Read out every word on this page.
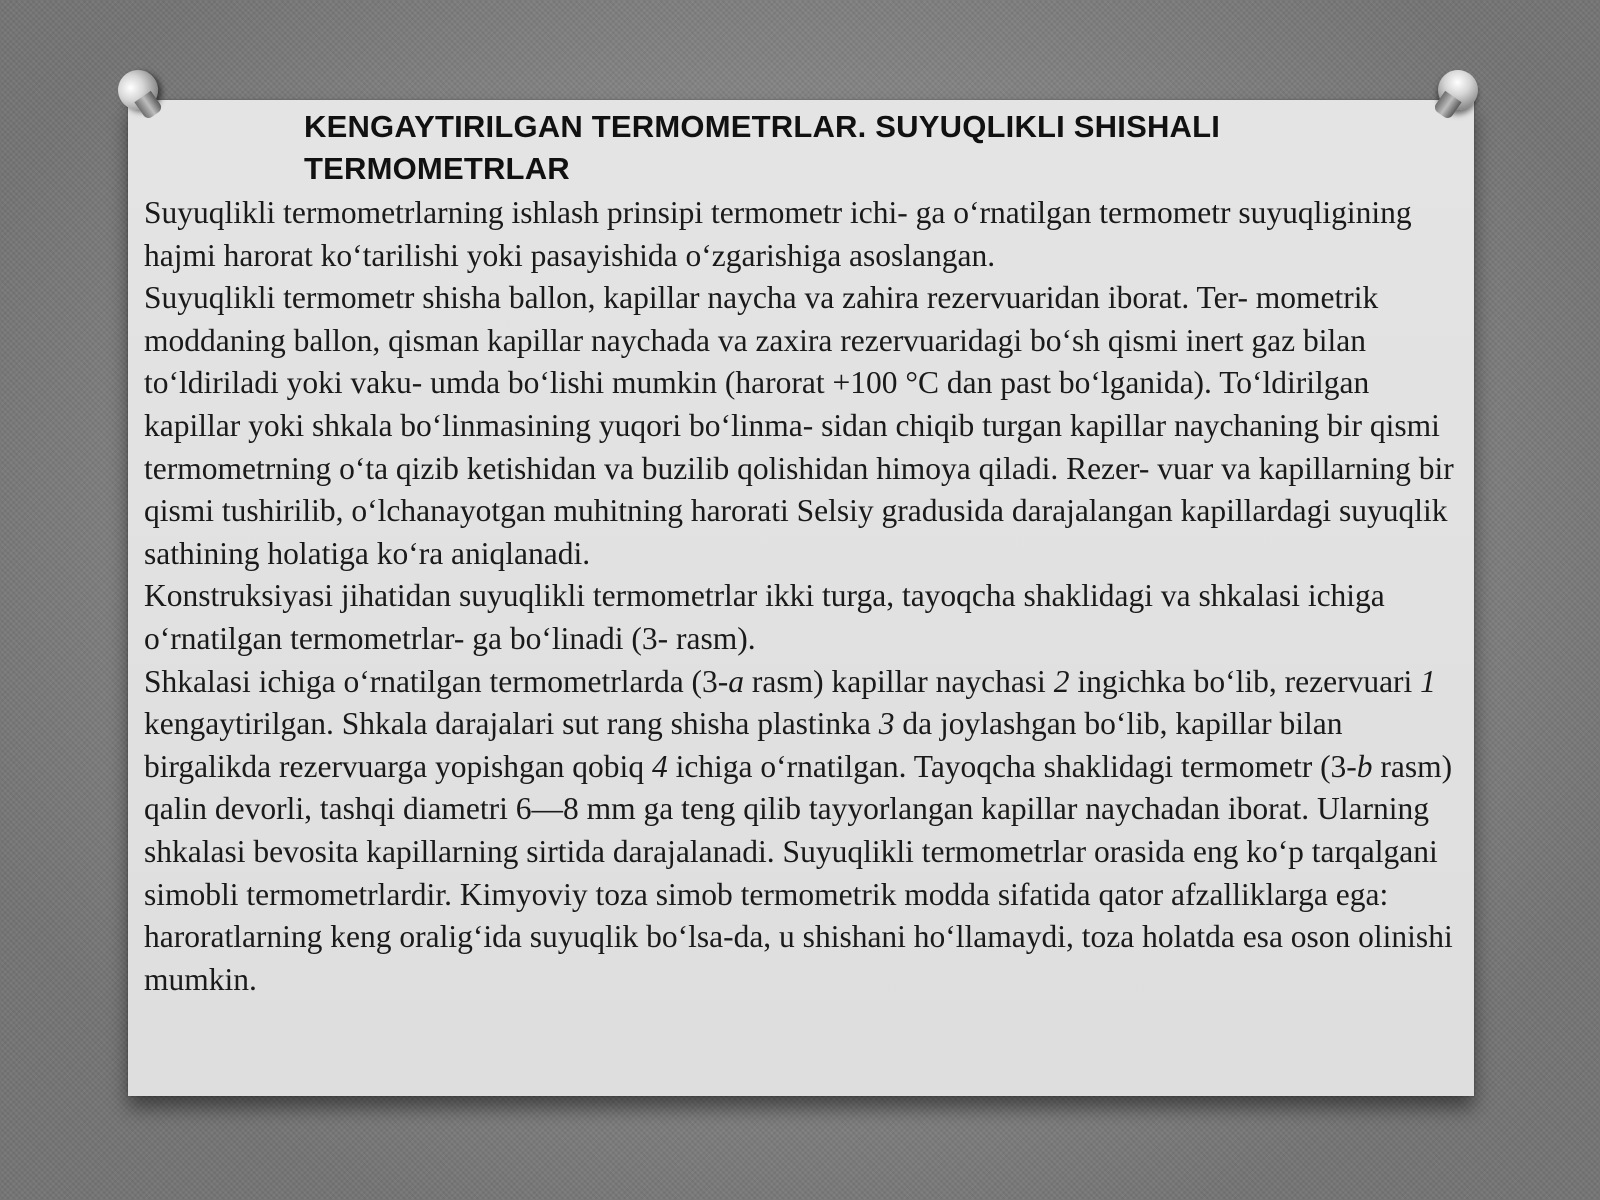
KENGAYTIRILGAN TERMOMETRLAR. SUYUQLIKLI SHISHALI TERMOMETRLAR

Suyuqlikli termometrlarning ishlash prinsipi termometr ichi- ga oʻrnatilgan termometr suyuqligining hajmi harorat koʻtarilishi yoki pasayishida oʻzgarishiga asoslangan.

Suyuqlikli termometr shisha ballon, kapillar naycha va zahira rezervuaridan iborat. Ter- mometrik moddaning ballon, qisman kapillar naychada va zaxira rezervuaridagi boʻsh qismi inert gaz bilan toʻldiriladi yoki vaku- umda boʻlishi mumkin (harorat +100 °C dan past boʻlganida). Toʻldirilgan kapillar yoki shkala boʻlinmasining yuqori boʻlinma- sidan chiqib turgan kapillar naychaning bir qismi termometrning oʻta qizib ketishidan va buzilib qolishidan himoya qiladi. Rezer- vuar va kapillarning bir qismi tushirilib, oʻlchanayotgan muhitning harorati Selsiy gradusida darajalangan kapillardagi suyuqlik sathining holatiga koʻra aniqlanadi.

Konstruksiyasi jihatidan suyuqlikli termometrlar ikki turga, tayoqcha shaklidagi va shkalasi ichiga oʻrnatilgan termometrlar- ga boʻlinadi (3- rasm).

Shkalasi ichiga oʻrnatilgan termometrlarda (3-a rasm) kapillar naychasi 2 ingichka boʻlib, rezervuari 1 kengaytirilgan. Shkala darajalari sut rang shisha plastinka 3 da joylashgan boʻlib, kapillar bilan birgalikda rezervuarga yopishgan qobiq 4 ichiga oʻrnatilgan. Tayoqcha shaklidagi termometr (3-b rasm) qalin devorli, tashqi diametri 6—8 mm ga teng qilib tayyorlangan kapillar naychadan iborat. Ularning shkalasi bevosita kapillarning sirtida darajalanadi. Suyuqlikli termometrlar orasida eng koʻp tarqalgani simobli termometrlardir. Kimyoviy toza simob termometrik modda sifatida qator afzalliklarga ega: haroratlarning keng oraligʻida suyuqlik boʻlsa-da, u shishani hoʻllamaydi, toza holatda esa oson olinishi mumkin.
